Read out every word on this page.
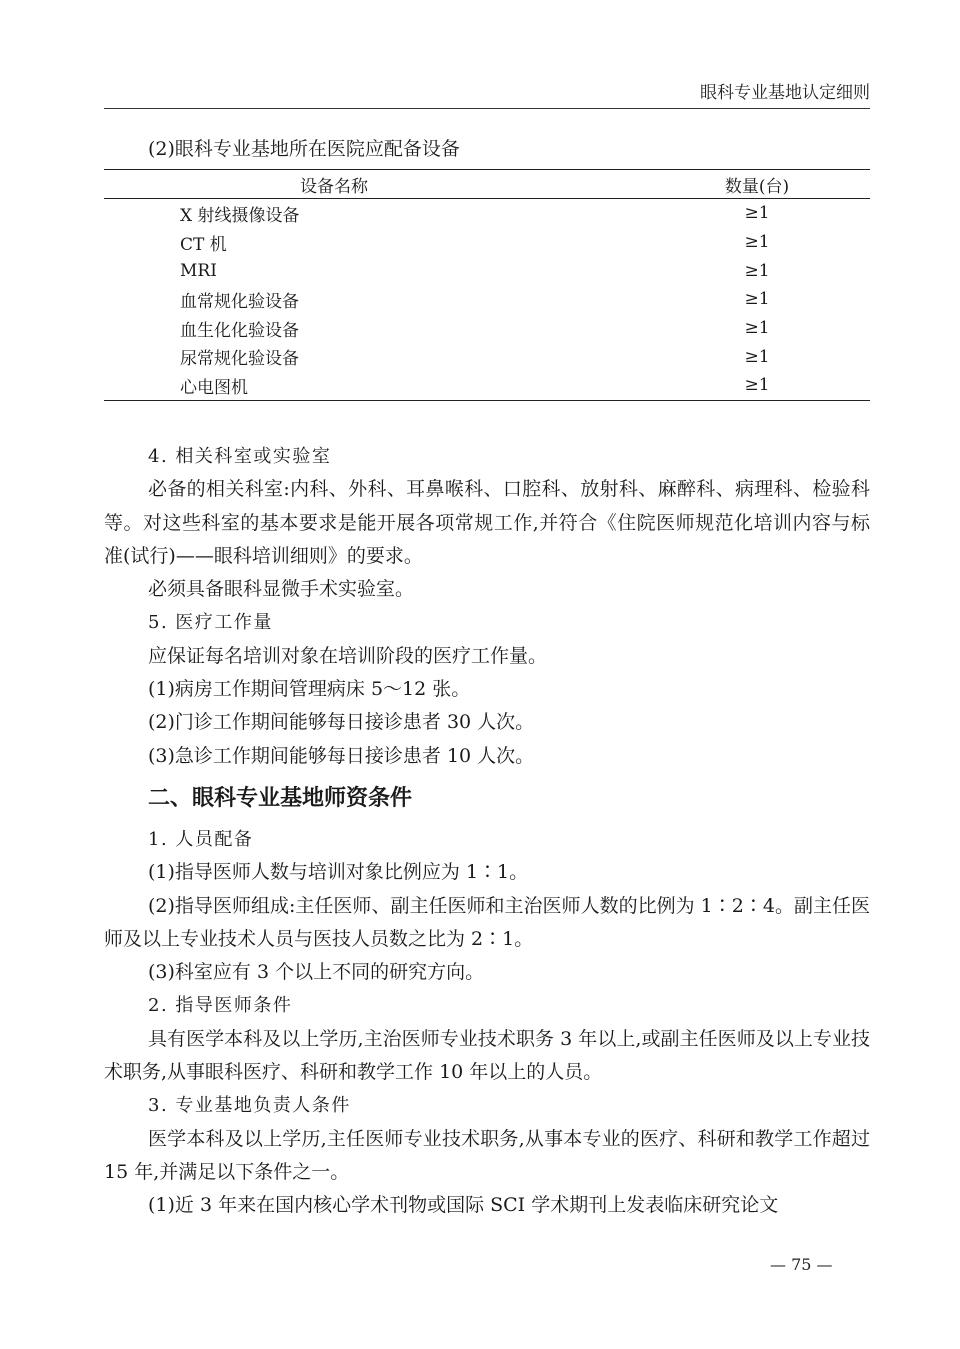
眼科专业基地认定细则
(2)眼科专业基地所在医院应配备设备
设备名称	数量(台)
X 射线摄像设备	≥1
CT 机	≥1
MRI	≥1
血常规化验设备	≥1
血生化化验设备	≥1
尿常规化验设备	≥1
心电图机	≥1

4. 相关科室或实验室

必备的相关科室:内科、外科、耳鼻喉科、口腔科、放射科、麻醉科、病理科、检验科等。对这些科室的基本要求是能开展各项常规工作,并符合《住院医师规范化培训内容与标准(试行)——眼科培训细则》的要求。

必须具备眼科显微手术实验室。

5. 医疗工作量

应保证每名培训对象在培训阶段的医疗工作量。

(1)病房工作期间管理病床 5～12 张。

(2)门诊工作期间能够每日接诊患者 30 人次。

(3)急诊工作期间能够每日接诊患者 10 人次。

二、眼科专业基地师资条件

1. 人员配备

(1)指导医师人数与培训对象比例应为 1∶1。

(2)指导医师组成:主任医师、副主任医师和主治医师人数的比例为 1∶2∶4。副主任医师及以上专业技术人员与医技人员数之比为 2∶1。

(3)科室应有 3 个以上不同的研究方向。

2. 指导医师条件

具有医学本科及以上学历,主治医师专业技术职务 3 年以上,或副主任医师及以上专业技术职务,从事眼科医疗、科研和教学工作 10 年以上的人员。

3. 专业基地负责人条件

医学本科及以上学历,主任医师专业技术职务,从事本专业的医疗、科研和教学工作超过 15 年,并满足以下条件之一。

(1)近 3 年来在国内核心学术刊物或国际 SCI 学术期刊上发表临床研究论文

— 75 —
